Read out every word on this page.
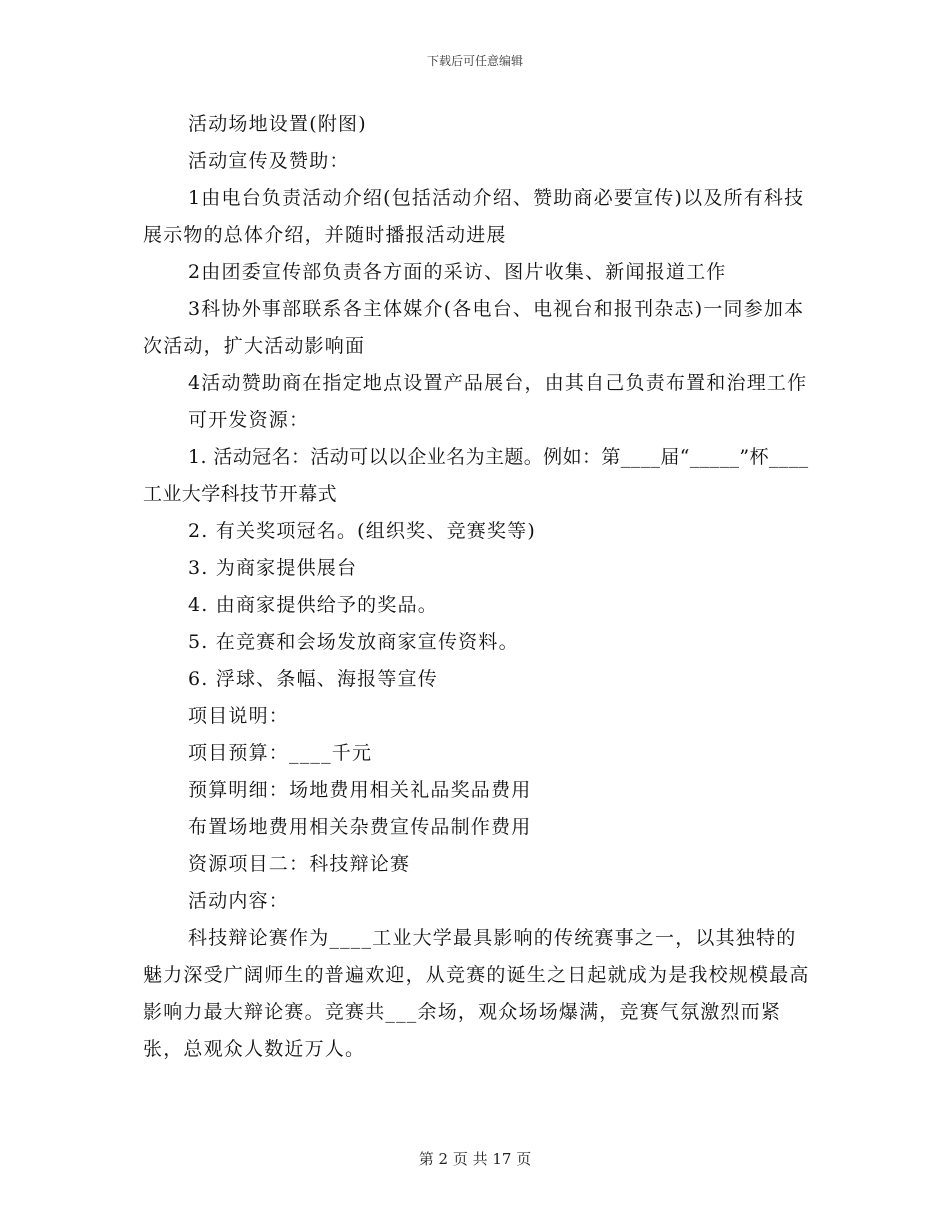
下载后可任意编辑

活动场地设置(附图)

活动宣传及赞助：

1由电台负责活动介绍(包括活动介绍、赞助商必要宣传)以及所有科技展示物的总体介绍，并随时播报活动进展

2由团委宣传部负责各方面的采访、图片收集、新闻报道工作

3科协外事部联系各主体媒介(各电台、电视台和报刊杂志)一同参加本次活动，扩大活动影响面

4活动赞助商在指定地点设置产品展台，由其自己负责布置和治理工作

可开发资源：

1. 活动冠名：活动可以以企业名为主题。例如：第____届“_____”杯____工业大学科技节开幕式

2. 有关奖项冠名。(组织奖、竞赛奖等)

3. 为商家提供展台

4. 由商家提供给予的奖品。

5. 在竞赛和会场发放商家宣传资料。

6. 浮球、条幅、海报等宣传

项目说明：

项目预算：____千元

预算明细：场地费用相关礼品奖品费用

布置场地费用相关杂费宣传品制作费用

资源项目二：科技辩论赛

活动内容：

科技辩论赛作为____工业大学最具影响的传统赛事之一，以其独特的魅力深受广阔师生的普遍欢迎，从竞赛的诞生之日起就成为是我校规模最高影响力最大辩论赛。竞赛共___余场，观众场场爆满，竞赛气氛激烈而紧张，总观众人数近万人。

第 2 页 共 17 页
